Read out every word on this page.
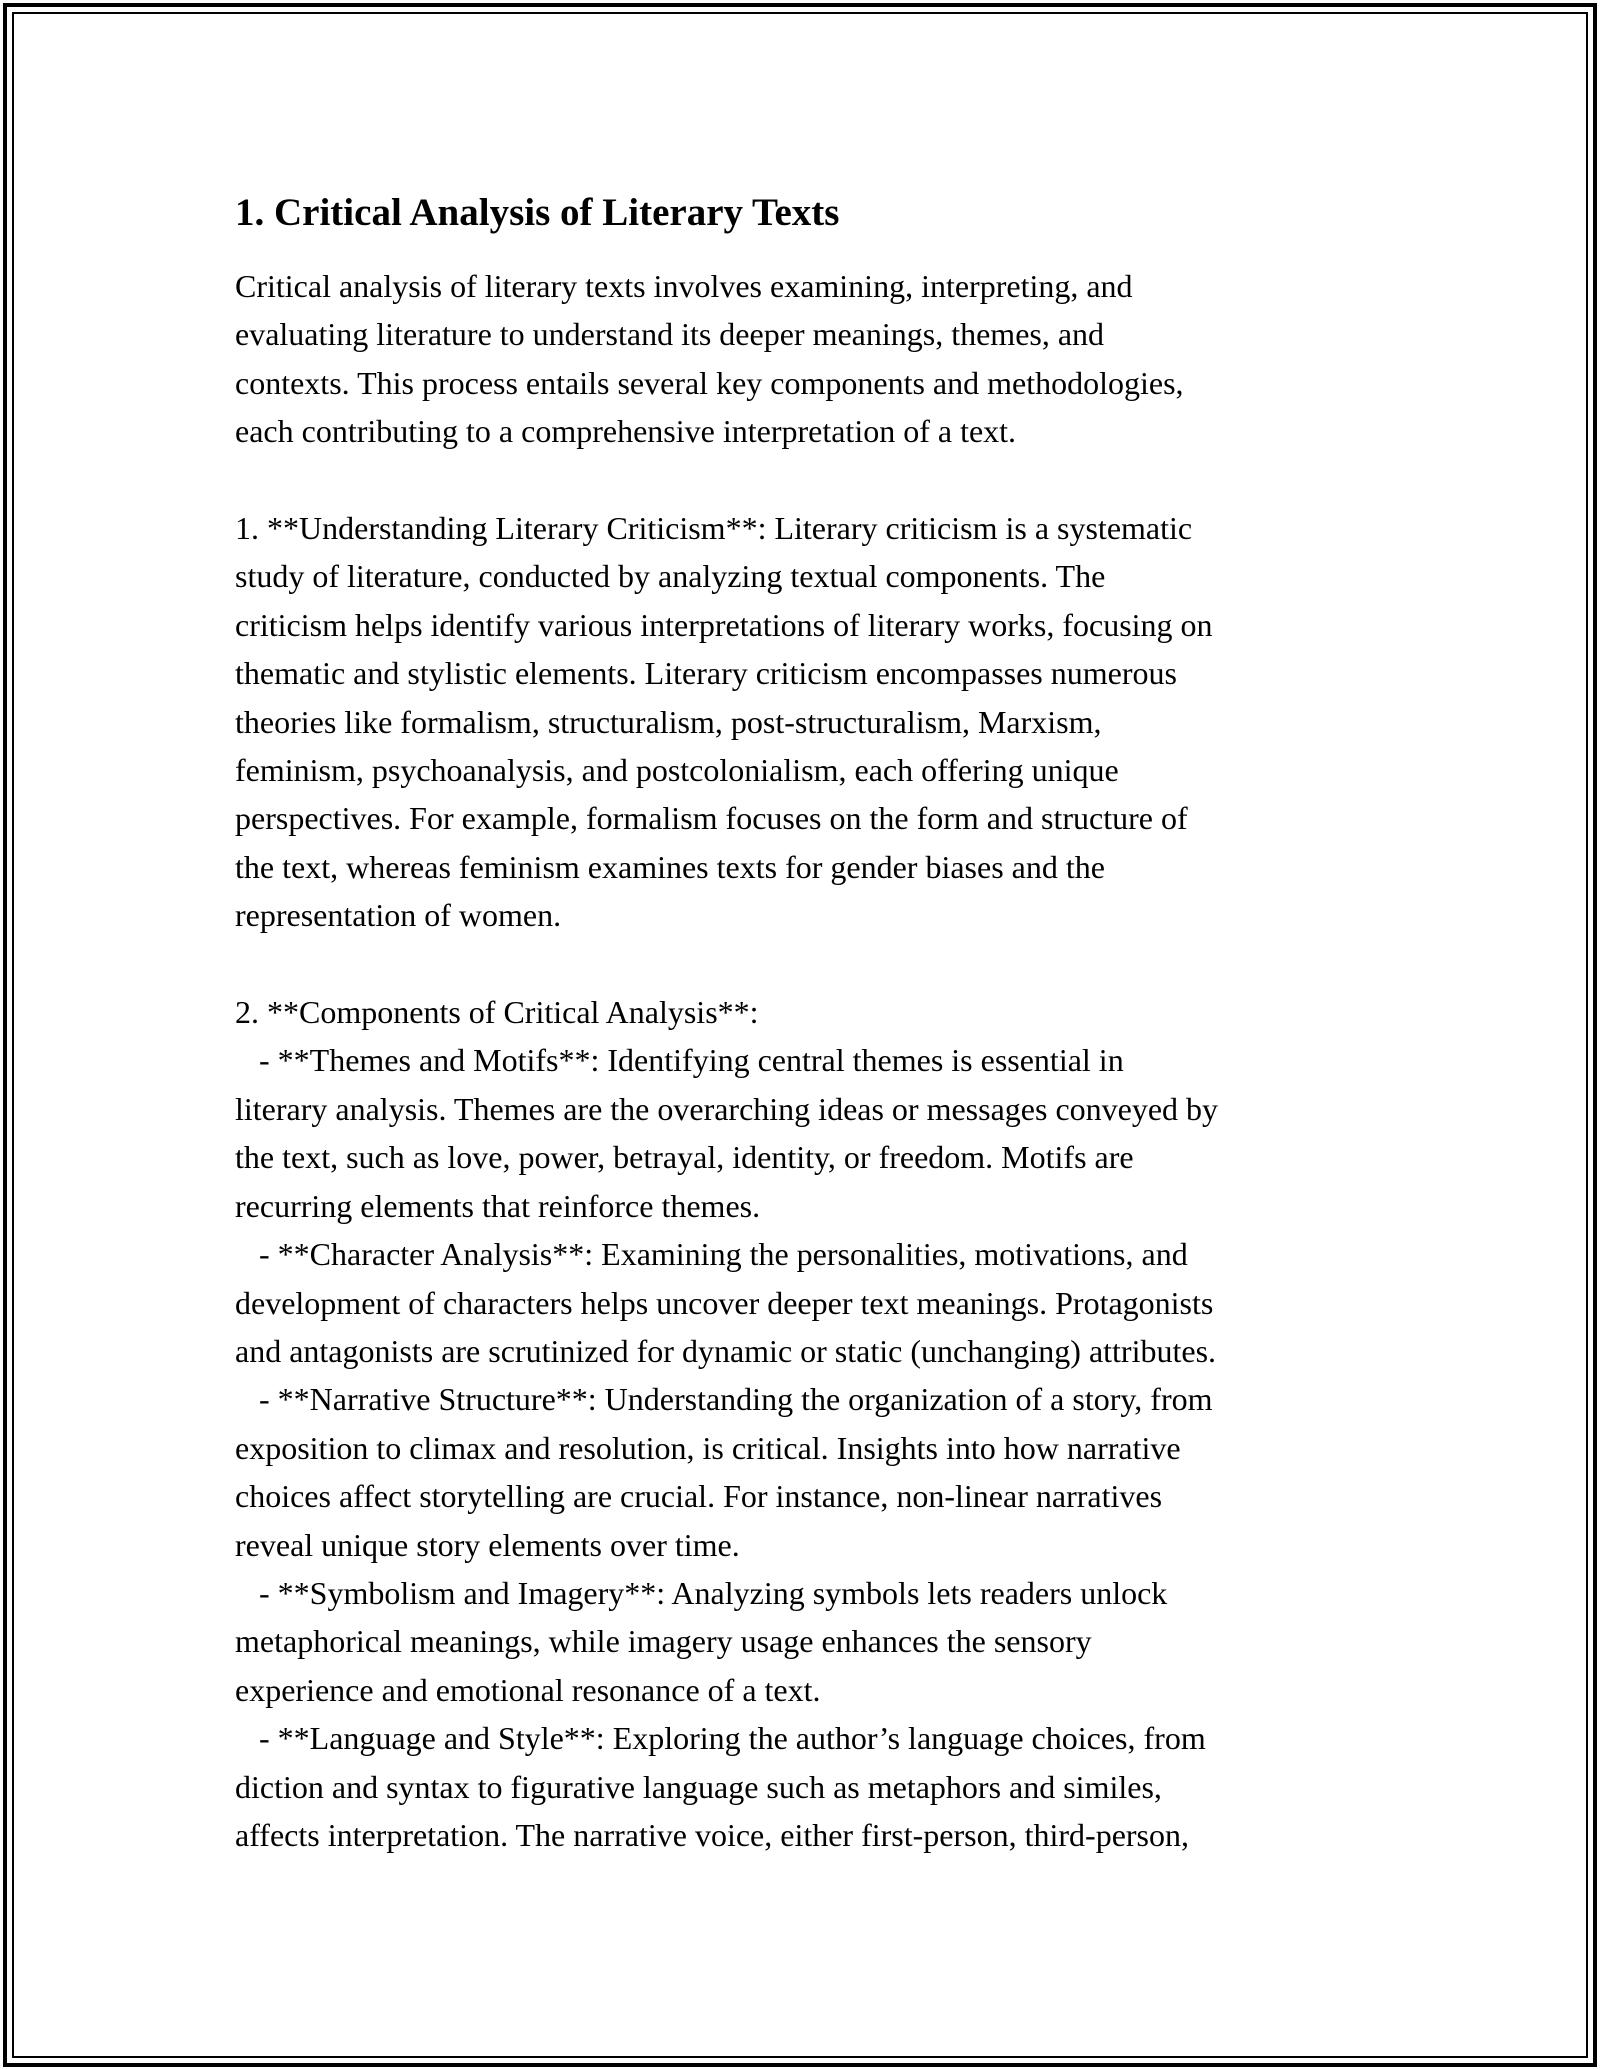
1. Critical Analysis of Literary Texts
Critical analysis of literary texts involves examining, interpreting, and
evaluating literature to understand its deeper meanings, themes, and
contexts. This process entails several key components and methodologies,
each contributing to a comprehensive interpretation of a text.
1. **Understanding Literary Criticism**: Literary criticism is a systematic
study of literature, conducted by analyzing textual components. The
criticism helps identify various interpretations of literary works, focusing on
thematic and stylistic elements. Literary criticism encompasses numerous
theories like formalism, structuralism, post-structuralism, Marxism,
feminism, psychoanalysis, and postcolonialism, each offering unique
perspectives. For example, formalism focuses on the form and structure of
the text, whereas feminism examines texts for gender biases and the
representation of women.
2. **Components of Critical Analysis**:
- **Themes and Motifs**: Identifying central themes is essential in
literary analysis. Themes are the overarching ideas or messages conveyed by
the text, such as love, power, betrayal, identity, or freedom. Motifs are
recurring elements that reinforce themes.
- **Character Analysis**: Examining the personalities, motivations, and
development of characters helps uncover deeper text meanings. Protagonists
and antagonists are scrutinized for dynamic or static (unchanging) attributes.
- **Narrative Structure**: Understanding the organization of a story, from
exposition to climax and resolution, is critical. Insights into how narrative
choices affect storytelling are crucial. For instance, non-linear narratives
reveal unique story elements over time.
- **Symbolism and Imagery**: Analyzing symbols lets readers unlock
metaphorical meanings, while imagery usage enhances the sensory
experience and emotional resonance of a text.
- **Language and Style**: Exploring the author’s language choices, from
diction and syntax to figurative language such as metaphors and similes,
affects interpretation. The narrative voice, either first-person, third-person,
